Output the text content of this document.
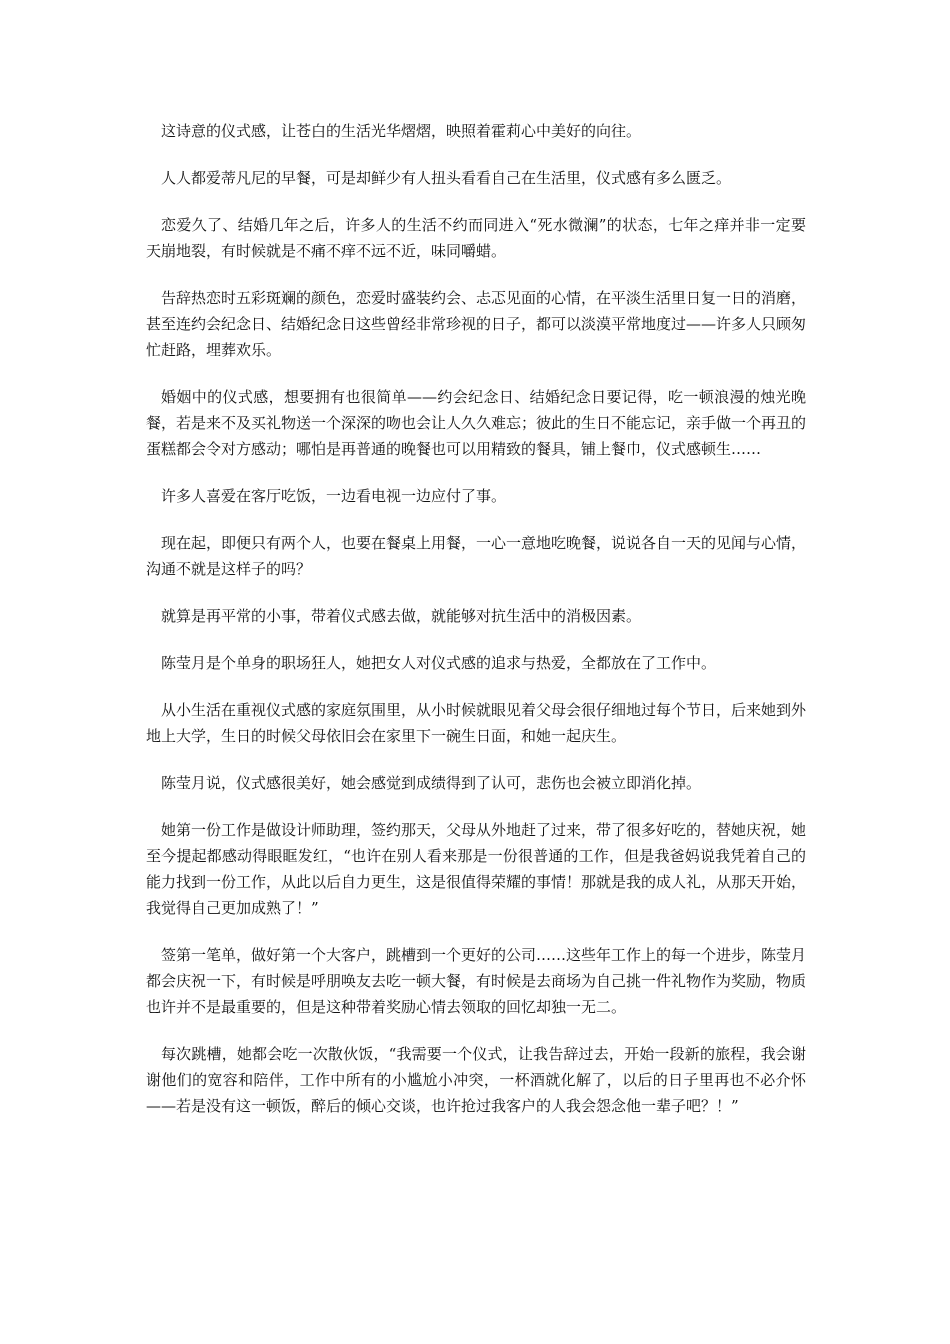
这诗意的仪式感，让苍白的生活光华熠熠，映照着霍莉心中美好的向往。

人人都爱蒂凡尼的早餐，可是却鲜少有人扭头看看自己在生活里，仪式感有多么匮乏。

恋爱久了、结婚几年之后，许多人的生活不约而同进入“死水微澜”的状态，七年之痒并非一定要天崩地裂，有时候就是不痛不痒不远不近，味同嚼蜡。

告辞热恋时五彩斑斓的颜色，恋爱时盛装约会、忐忑见面的心情，在平淡生活里日复一日的消磨，甚至连约会纪念日、结婚纪念日这些曾经非常珍视的日子，都可以淡漠平常地度过——许多人只顾匆忙赶路，埋葬欢乐。

婚姻中的仪式感，想要拥有也很简单——约会纪念日、结婚纪念日要记得，吃一顿浪漫的烛光晚餐，若是来不及买礼物送一个深深的吻也会让人久久难忘；彼此的生日不能忘记，亲手做一个再丑的蛋糕都会令对方感动；哪怕是再普通的晚餐也可以用精致的餐具，铺上餐巾，仪式感顿生……

许多人喜爱在客厅吃饭，一边看电视一边应付了事。

现在起，即便只有两个人，也要在餐桌上用餐，一心一意地吃晚餐，说说各自一天的见闻与心情，沟通不就是这样子的吗？

就算是再平常的小事，带着仪式感去做，就能够对抗生活中的消极因素。

陈莹月是个单身的职场狂人，她把女人对仪式感的追求与热爱，全都放在了工作中。

从小生活在重视仪式感的家庭氛围里，从小时候就眼见着父母会很仔细地过每个节日，后来她到外地上大学，生日的时候父母依旧会在家里下一碗生日面，和她一起庆生。

陈莹月说，仪式感很美好，她会感觉到成绩得到了认可，悲伤也会被立即消化掉。

她第一份工作是做设计师助理，签约那天，父母从外地赶了过来，带了很多好吃的，替她庆祝，她至今提起都感动得眼眶发红，“也许在别人看来那是一份很普通的工作，但是我爸妈说我凭着自己的能力找到一份工作，从此以后自力更生，这是很值得荣耀的事情！那就是我的成人礼，从那天开始，我觉得自己更加成熟了！”

签第一笔单，做好第一个大客户，跳槽到一个更好的公司……这些年工作上的每一个进步，陈莹月都会庆祝一下，有时候是呼朋唤友去吃一顿大餐，有时候是去商场为自己挑一件礼物作为奖励，物质也许并不是最重要的，但是这种带着奖励心情去领取的回忆却独一无二。

每次跳槽，她都会吃一次散伙饭，“我需要一个仪式，让我告辞过去，开始一段新的旅程，我会谢谢他们的宽容和陪伴，工作中所有的小尴尬小冲突，一杯酒就化解了，以后的日子里再也不必介怀——若是没有这一顿饭，醉后的倾心交谈，也许抢过我客户的人我会怨念他一辈子吧？！”
